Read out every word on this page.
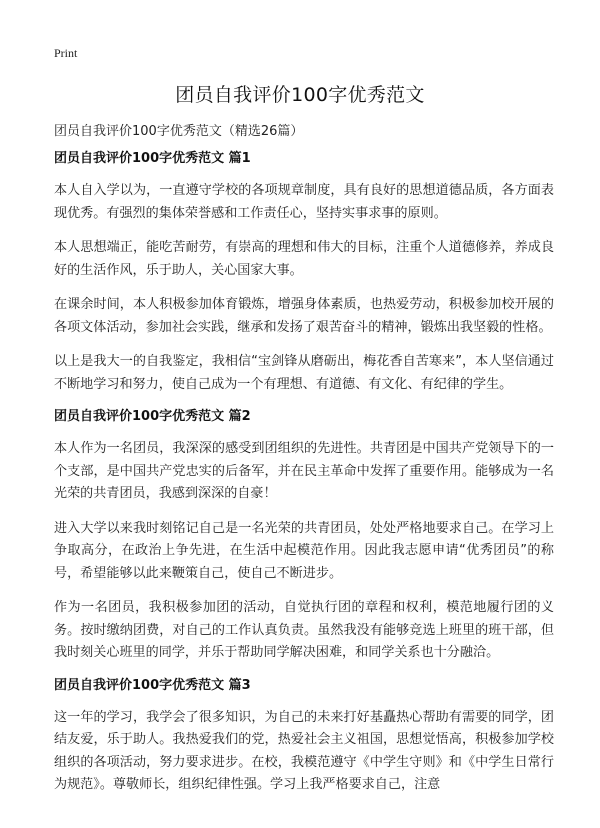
Print
团员自我评价100字优秀范文

团员自我评价100字优秀范文（精选26篇）

团员自我评价100字优秀范文 篇1

本人自入学以为，一直遵守学校的各项规章制度，具有良好的思想道德品质，各方面表现优秀。有强烈的集体荣誉感和工作责任心，坚持实事求事的原则。

本人思想端正，能吃苦耐劳，有崇高的理想和伟大的目标，注重个人道德修养，养成良好的生活作风，乐于助人，关心国家大事。

在课余时间，本人积极参加体育锻炼，增强身体素质，也热爱劳动，积极参加校开展的各项文体活动，参加社会实践，继承和发扬了艰苦奋斗的精神，锻炼出我坚毅的性格。

以上是我大一的自我鉴定，我相信“宝剑锋从磨砺出，梅花香自苦寒来”，本人坚信通过不断地学习和努力，使自己成为一个有理想、有道德、有文化、有纪律的学生。

团员自我评价100字优秀范文 篇2

本人作为一名团员，我深深的感受到团组织的先进性。共青团是中国共产党领导下的一个支部，是中国共产党忠实的后备军，并在民主革命中发挥了重要作用。能够成为一名光荣的共青团员，我感到深深的自豪！

进入大学以来我时刻铭记自己是一名光荣的共青团员，处处严格地要求自己。在学习上争取高分，在政治上争先进，在生活中起模范作用。因此我志愿申请“优秀团员”的称号，希望能够以此来鞭策自己，使自己不断进步。

作为一名团员，我积极参加团的活动，自觉执行团的章程和权利，模范地履行团的义务。按时缴纳团费，对自己的工作认真负责。虽然我没有能够竞选上班里的班干部，但我时刻关心班里的同学，并乐于帮助同学解决困难，和同学关系也十分融洽。

团员自我评价100字优秀范文 篇3

这一年的学习，我学会了很多知识，为自己的未来打好基矗热心帮助有需要的同学，团结友爱，乐于助人。我热爱我们的党，热爱社会主义祖国，思想觉悟高，积极参加学校组织的各项活动，努力要求进步。在校，我模范遵守《中学生守则》和《中学生日常行为规范》。尊敬师长，组织纪律性强。学习上我严格要求自己，注意
